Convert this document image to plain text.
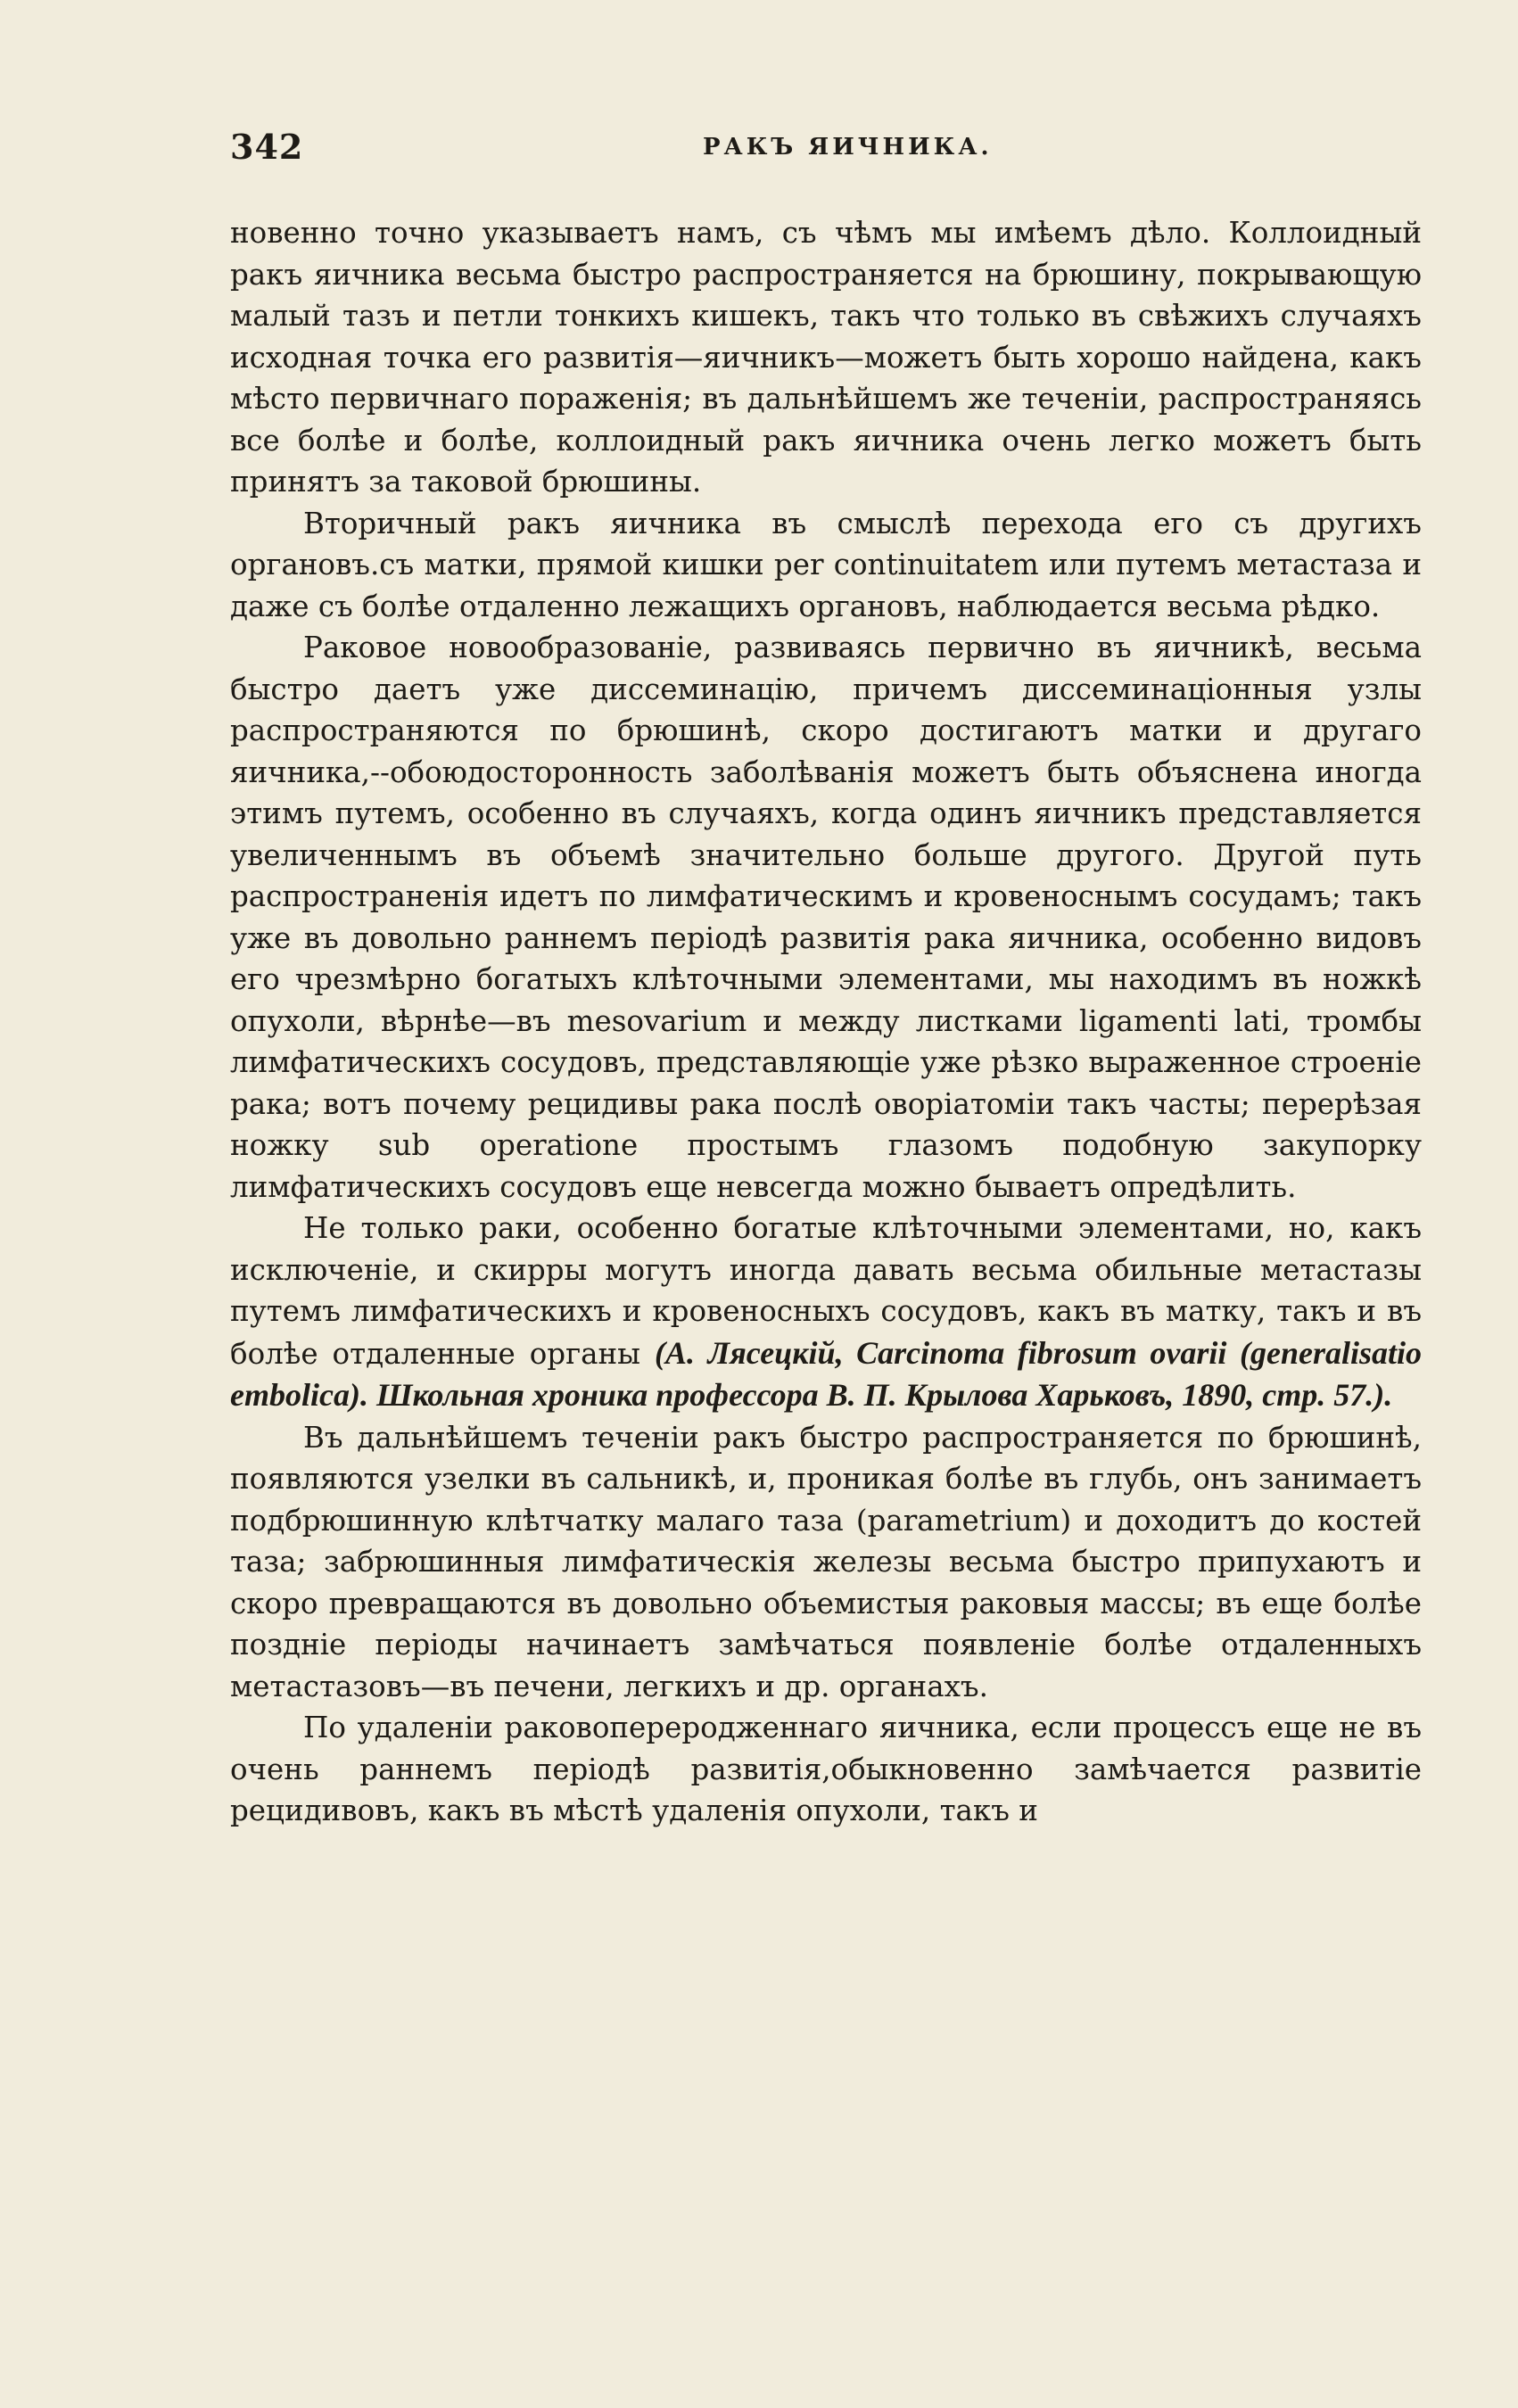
342	РАКЪ ЯИЧНИКА.

новенно точно указываетъ намъ, съ чѣмъ мы имѣемъ дѣло. Коллоидный ракъ яичника весьма быстро распространяется на брюшину, покрывающую малый тазъ и петли тонкихъ кишекъ, такъ что только въ свѣжихъ случаяхъ исходная точка его развитія—яичникъ—можетъ быть хорошо найдена, какъ мѣсто первичнаго пораженія; въ дальнѣйшемъ же теченіи, распространяясь все болѣе и болѣе, коллоидный ракъ яичника очень легко можетъ быть принятъ за таковой брюшины.

Вторичный ракъ яичника въ смыслѣ перехода его съ другихъ органовъ.съ матки, прямой кишки per continuitatem или путемъ метастаза и даже съ болѣе отдаленно лежащихъ органовъ, наблюдается весьма рѣдко.

Раковое новообразованіе, развиваясь первично въ яичникѣ, весьма быстро даетъ уже диссеминацію, причемъ диссеминаціонныя узлы распространяются по брюшинѣ, скоро достигаютъ матки и другаго яичника,--обоюдосторонность заболѣванія можетъ быть объяснена иногда этимъ путемъ, особенно въ случаяхъ, когда одинъ яичникъ представляется увеличеннымъ въ объемѣ значительно больше другого. Другой путь распространенія идетъ по лимфатическимъ и кровеноснымъ сосудамъ; такъ уже въ довольно раннемъ періодѣ развитія рака яичника, особенно видовъ его чрезмѣрно богатыхъ клѣточными элементами, мы находимъ въ ножкѣ опухоли, вѣрнѣе—въ mesovarium и между листками ligamenti lati, тромбы лимфатическихъ сосудовъ, представляющіе уже рѣзко выраженное строеніе рака; вотъ почему рецидивы рака послѣ оворіатоміи такъ часты; перерѣзая ножку sub operatione простымъ глазомъ подобную закупорку лимфатическихъ сосудовъ еще невсегда можно бываетъ опредѣлить.

Не только раки, особенно богатые клѣточными элементами, но, какъ исключеніе, и скирры могутъ иногда давать весьма обильные метастазы путемъ лимфатическихъ и кровеносныхъ сосудовъ, какъ въ матку, такъ и въ болѣе отдаленные органы (А. Лясецкій, Carcinoma fibrosum ovarii (generalisatio embolica). Школьная хроника профессора В. П. Крылова Харьковъ, 1890, стр. 57.).

Въ дальнѣйшемъ теченіи ракъ быстро распространяется по брюшинѣ, появляются узелки въ сальникѣ, и, проникая болѣе въ глубь, онъ занимаетъ подбрюшинную клѣтчатку малаго таза (parametrium) и доходитъ до костей таза; забрюшинныя лимфатическія железы весьма быстро припухаютъ и скоро превращаются въ довольно объемистыя раковыя массы; въ еще болѣе поздніе періоды начинаетъ замѣчаться появленіе болѣе отдаленныхъ метастазовъ—въ печени, легкихъ и др. органахъ.

По удаленіи раковопереродженнаго яичника, если процессъ еще не въ очень раннемъ періодѣ развитія,обыкновенно замѣчается развитіе рецидивовъ, какъ въ мѣстѣ удаленія опухоли, такъ и
